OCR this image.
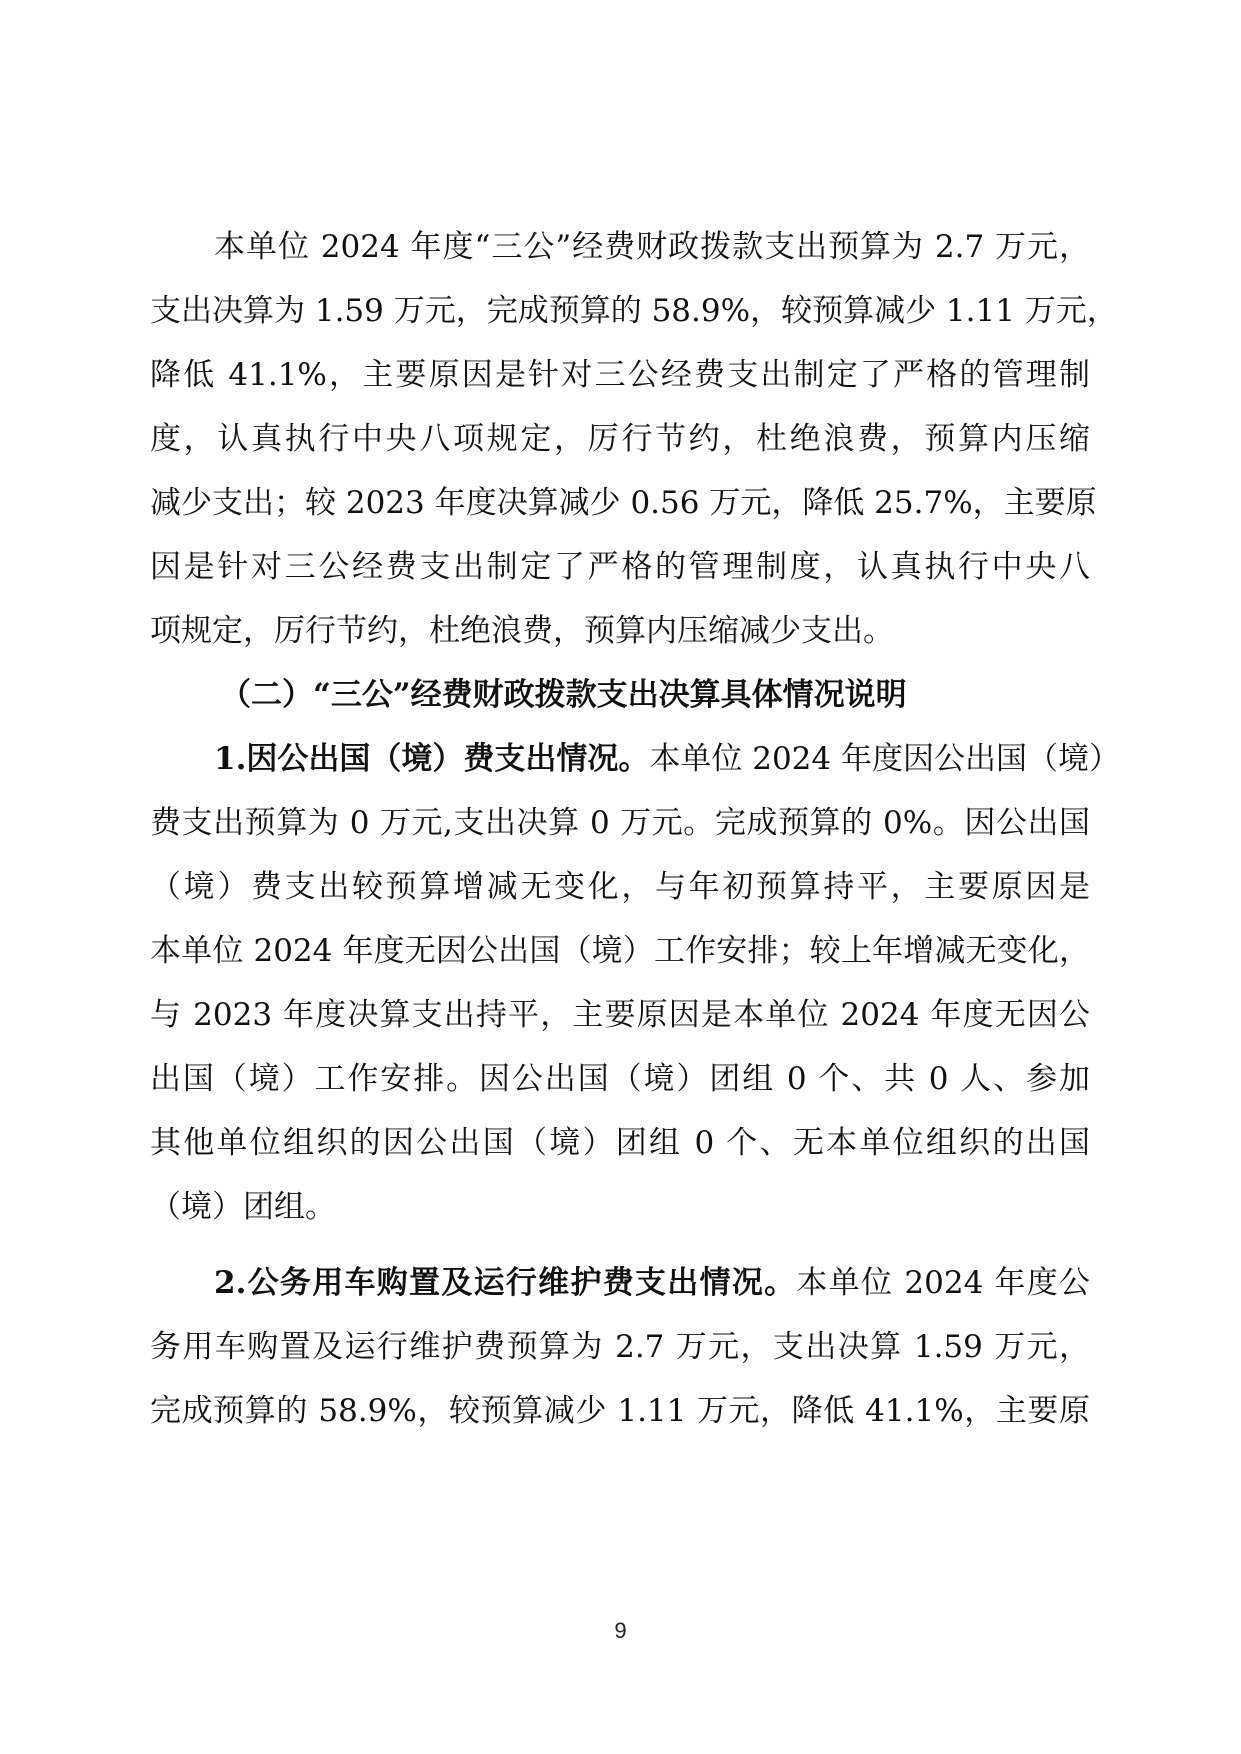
本单位 2024 年度“三公”经费财政拨款支出预算为 2.7 万元，
支出决算为 1.59 万元，完成预算的 58.9%，较预算减少 1.11 万元，
降低 41.1%，主要原因是针对三公经费支出制定了严格的管理制
度，认真执行中央八项规定，厉行节约，杜绝浪费，预算内压缩
减少支出；较 2023 年度决算减少 0.56 万元，降低 25.7%，主要原
因是针对三公经费支出制定了严格的管理制度，认真执行中央八
项规定，厉行节约，杜绝浪费，预算内压缩减少支出。
（二）“三公”经费财政拨款支出决算具体情况说明
1.因公出国（境）费支出情况。本单位 2024 年度因公出国（境）
费支出预算为 0 万元,支出决算 0 万元。完成预算的 0%。因公出国
（境）费支出较预算增减无变化，与年初预算持平，主要原因是
本单位 2024 年度无因公出国（境）工作安排；较上年增减无变化，
与 2023 年度决算支出持平，主要原因是本单位 2024 年度无因公
出国（境）工作安排。因公出国（境）团组 0 个、共 0 人、参加
其他单位组织的因公出国（境）团组 0 个、无本单位组织的出国
（境）团组。
2.公务用车购置及运行维护费支出情况。本单位 2024 年度公
务用车购置及运行维护费预算为 2.7 万元，支出决算 1.59 万元，
完成预算的 58.9%，较预算减少 1.11 万元，降低 41.1%，主要原
9
